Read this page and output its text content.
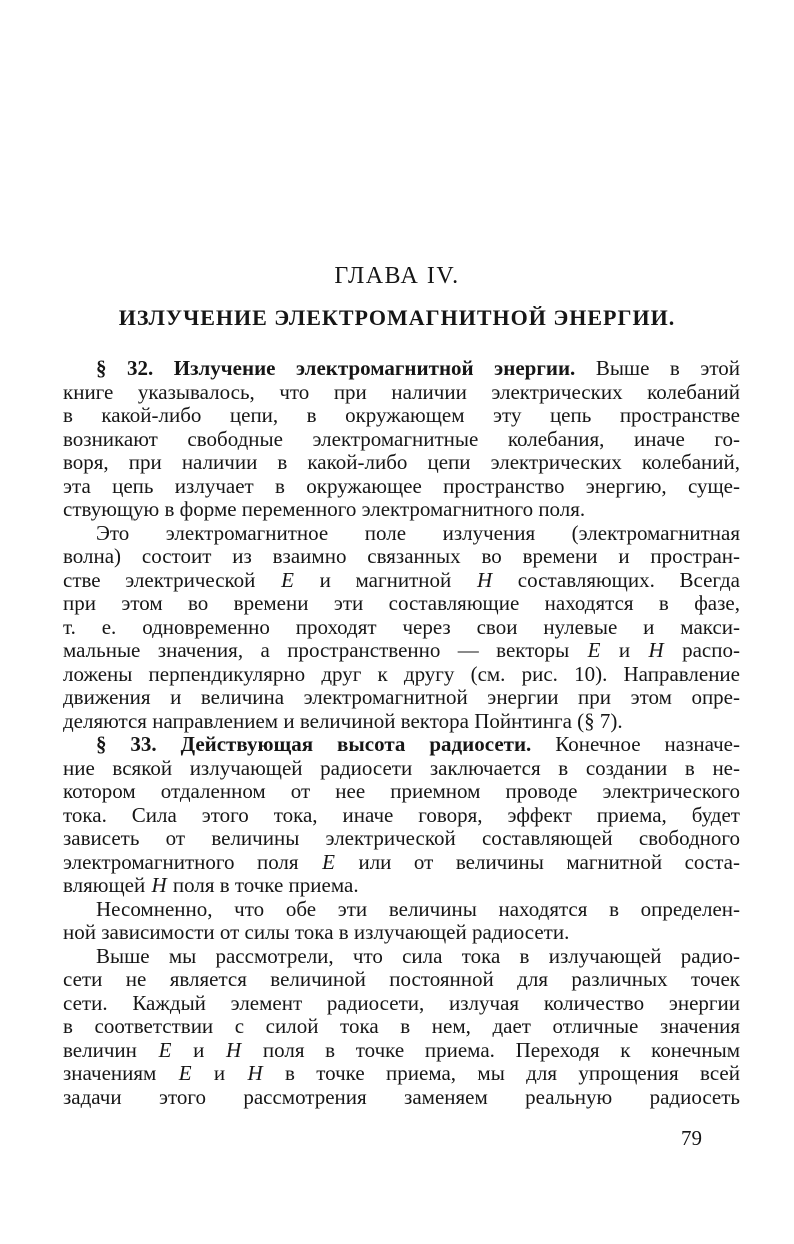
ГЛАВА IV.
ИЗЛУЧЕНИЕ ЭЛЕКТРОМАГНИТНОЙ ЭНЕРГИИ.
§ 32. Излучение электромагнитной энергии. Выше в этой
книге указывалось, что при наличии электрических колебаний
в какой-либо цепи, в окружающем эту цепь пространстве
возникают свободные электромагнитные колебания, иначе го-
воря, при наличии в какой-либо цепи электрических колебаний,
эта цепь излучает в окружающее пространство энергию, суще-
ствующую в форме переменного электромагнитного поля.
Это электромагнитное поле излучения (электромагнитная
волна) состоит из взаимно связанных во времени и простран-
стве электрической E и магнитной H составляющих. Всегда
при этом во времени эти составляющие находятся в фазе,
т. е. одновременно проходят через свои нулевые и макси-
мальные значения, а пространственно — векторы E и H распо-
ложены перпендикулярно друг к другу (см. рис. 10). Направление
движения и величина электромагнитной энергии при этом опре-
деляются направлением и величиной вектора Пойнтинга (§ 7).
§ 33. Действующая высота радиосети. Конечное назначе-
ние всякой излучающей радиосети заключается в создании в не-
котором отдаленном от нее приемном проводе электрического
тока. Сила этого тока, иначе говоря, эффект приема, будет
зависеть от величины электрической составляющей свободного
электромагнитного поля E или от величины магнитной соста-
вляющей H поля в точке приема.
Несомненно, что обе эти величины находятся в определен-
ной зависимости от силы тока в излучающей радиосети.
Выше мы рассмотрели, что сила тока в излучающей радио-
сети не является величиной постоянной для различных точек
сети. Каждый элемент радиосети, излучая количество энергии
в соответствии с силой тока в нем, дает отличные значения
величин E и H поля в точке приема. Переходя к конечным
значениям E и H в точке приема, мы для упрощения всей
задачи этого рассмотрения заменяем реальную радиосеть
79
